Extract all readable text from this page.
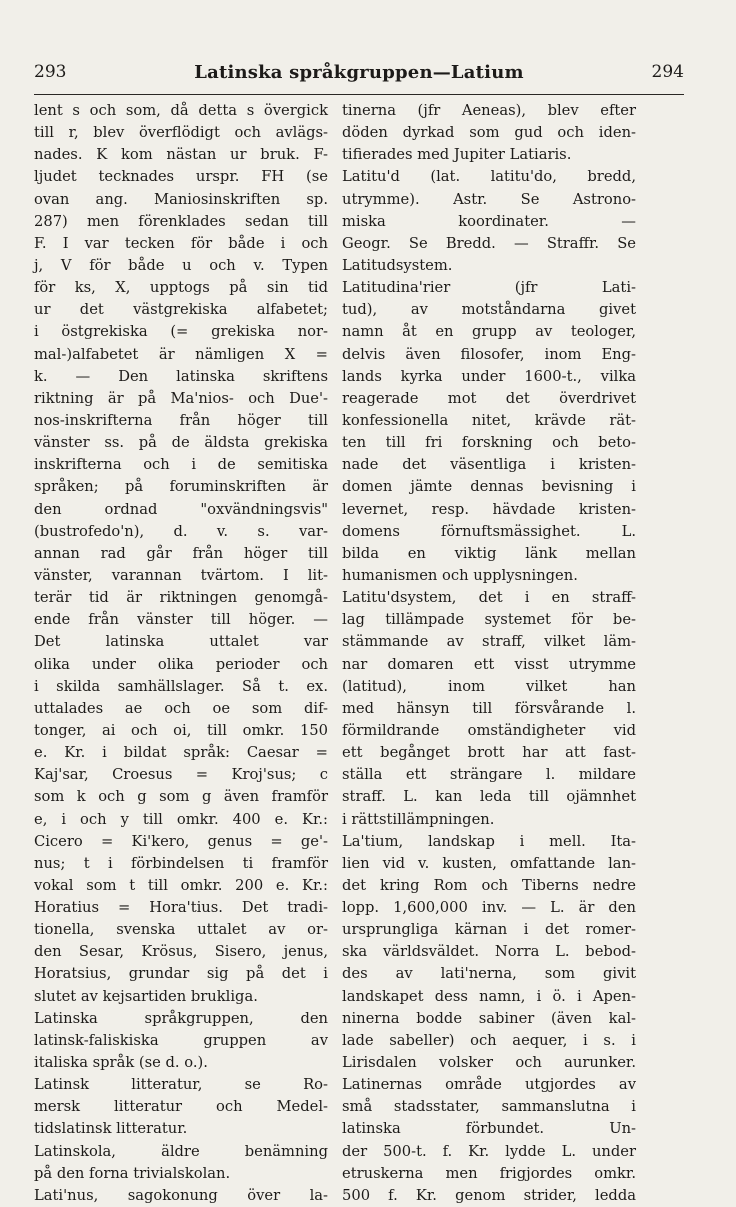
293	Latinska språkgruppen—Latium	294
lent s och som, då detta s övergick
till r, blev överflödigt och avlägs-
nades. K kom nästan ur bruk. F-
ljudet tecknades urspr. FH (se
ovan ang. Maniosinskriften sp.
287) men förenklades sedan till
F. I var tecken för både i och
j, V för både u och v. Typen
för ks, X, upptogs på sin tid
ur det västgrekiska alfabetet;
i östgrekiska (= grekiska nor-
mal-)alfabetet är nämligen X =
k. — Den latinska skriftens
riktning är på Ma'nios- och Due'-
nos-inskrifterna från höger till
vänster ss. på de äldsta grekiska
inskrifterna och i de semitiska
språken; på foruminskriften är
den ordnad "oxvändningsvis"
(bustrofedo'n), d. v. s. var-
annan rad går från höger till
vänster, varannan tvärtom. I lit-
terär tid är riktningen genomgå-
ende från vänster till höger. —
Det latinska uttalet var
olika under olika perioder och
i skilda samhällslager. Så t. ex.
uttalades ae och oe som dif-
tonger, ai och oi, till omkr. 150
e. Kr. i bildat språk: Caesar =
Kaj'sar, Croesus = Kroj'sus; c
som k och g som g även framför
e, i och y till omkr. 400 e. Kr.:
Cicero = Ki'kero, genus = ge'-
nus; t i förbindelsen ti framför
vokal som t till omkr. 200 e. Kr.:
Horatius = Hora'tius. Det tradi-
tionella, svenska uttalet av or-
den Sesar, Krösus, Sisero, jenus,
Horatsius, grundar sig på det i
slutet av kejsartiden brukliga.
Latinska språkgruppen, den
latinsk-faliskiska gruppen av
italiska språk (se d. o.).
Latinsk litteratur, se Ro-
mersk litteratur och Medel-
tidslatinsk litteratur.
Latinskola, äldre benämning
på den forna trivialskolan.
Lati'nus, sagokonung över la-
tinerna (jfr Aeneas), blev efter
döden dyrkad som gud och iden-
tifierades med Jupiter Latiaris.
Latitu'd (lat. latitu'do, bredd,
utrymme). Astr. Se Astrono-
miska koordinater. —
Geogr. Se Bredd. — Straffr. Se
Latitudsystem.
Latitudina'rier (jfr Lati-
tud), av motståndarna givet
namn åt en grupp av teologer,
delvis även filosofer, inom Eng-
lands kyrka under 1600-t., vilka
reagerade mot det överdrivet
konfessionella nitet, krävde rät-
ten till fri forskning och beto-
nade det väsentliga i kristen-
domen jämte dennas bevisning i
levernet, resp. hävdade kristen-
domens förnuftsmässighet. L.
bilda en viktig länk mellan
humanismen och upplysningen.
Latitu'dsystem, det i en straff-
lag tillämpade systemet för be-
stämmande av straff, vilket läm-
nar domaren ett visst utrymme
(latitud), inom vilket han
med hänsyn till försvårande l.
förmildrande omständigheter vid
ett begånget brott har att fast-
ställa ett strängare l. mildare
straff. L. kan leda till ojämnhet
i rättstillämpningen.
La'tium, landskap i mell. Ita-
lien vid v. kusten, omfattande lan-
det kring Rom och Tiberns nedre
lopp. 1,600,000 inv. — L. är den
ursprungliga kärnan i det romer-
ska världsväldet. Norra L. bebod-
des av lati'nerna, som givit
landskapet dess namn, i ö. i Apen-
ninerna bodde sabiner (även kal-
lade sabeller) och aequer, i s. i
Lirisdalen volsker och aurunker.
Latinernas område utgjordes av
små stadsstater, sammanslutna i
latinska förbundet. Un-
der 500-t. f. Kr. lydde L. under
etruskerna men frigjordes omkr.
500 f. Kr. genom strider, ledda
